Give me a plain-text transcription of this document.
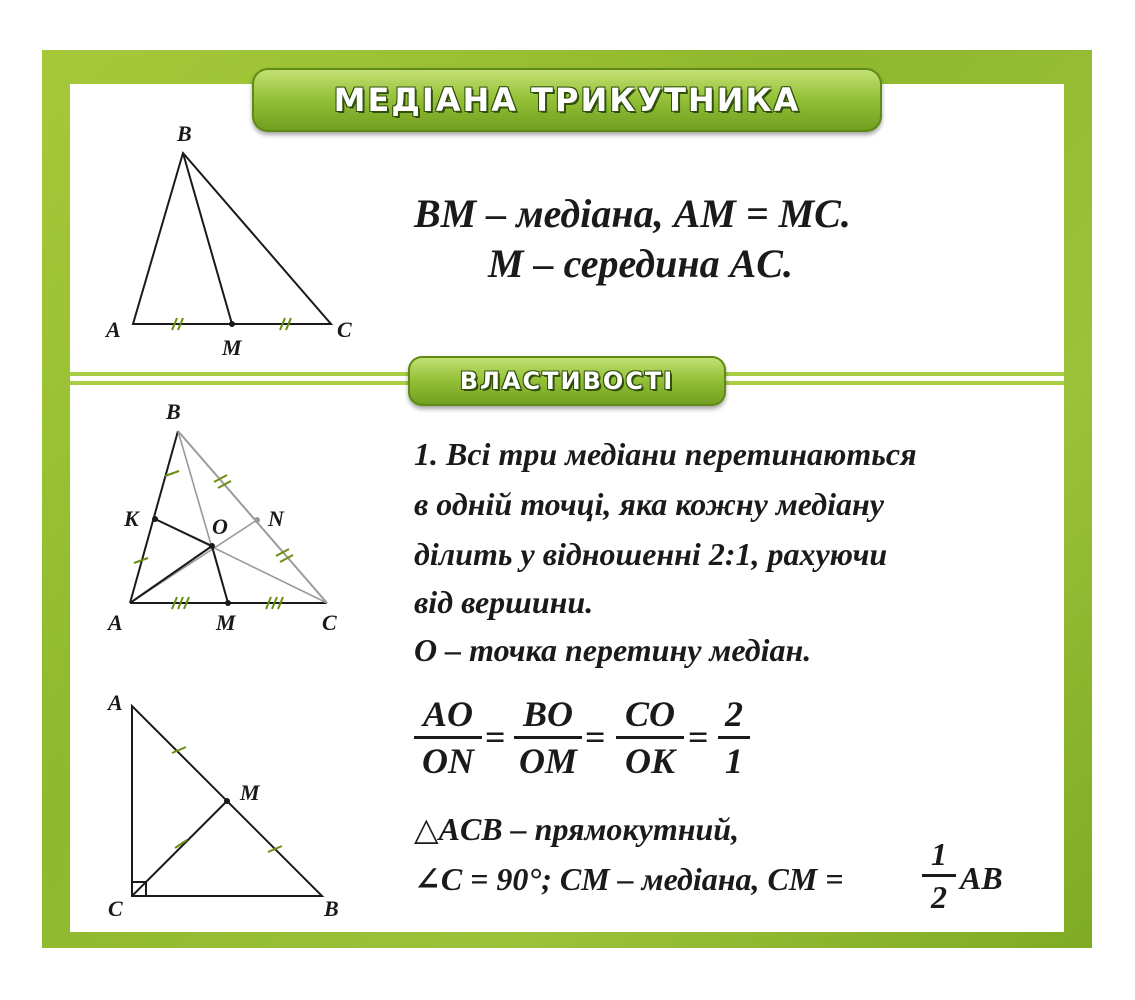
МЕДІАНА ТРИКУТНИКА
ВЛАСТИВОСТІ
B
A	C
M
BM – медіана, AM = MC.
M – середина AC.
B
K	O N
A	M	C
1. Всі три медіани перетинаються
в одній точці, яка кожну медіану
ділить у відношенні 2:1, рахуючи
від вершини.
O – точка перетину медіан.
AO
ON
=
BO
OM
=
CO
OK
=
2
1
A
M
C	B
△ACB – прямокутний,
∠C = 90°; CM – медіана, CM =
1
2
AB
